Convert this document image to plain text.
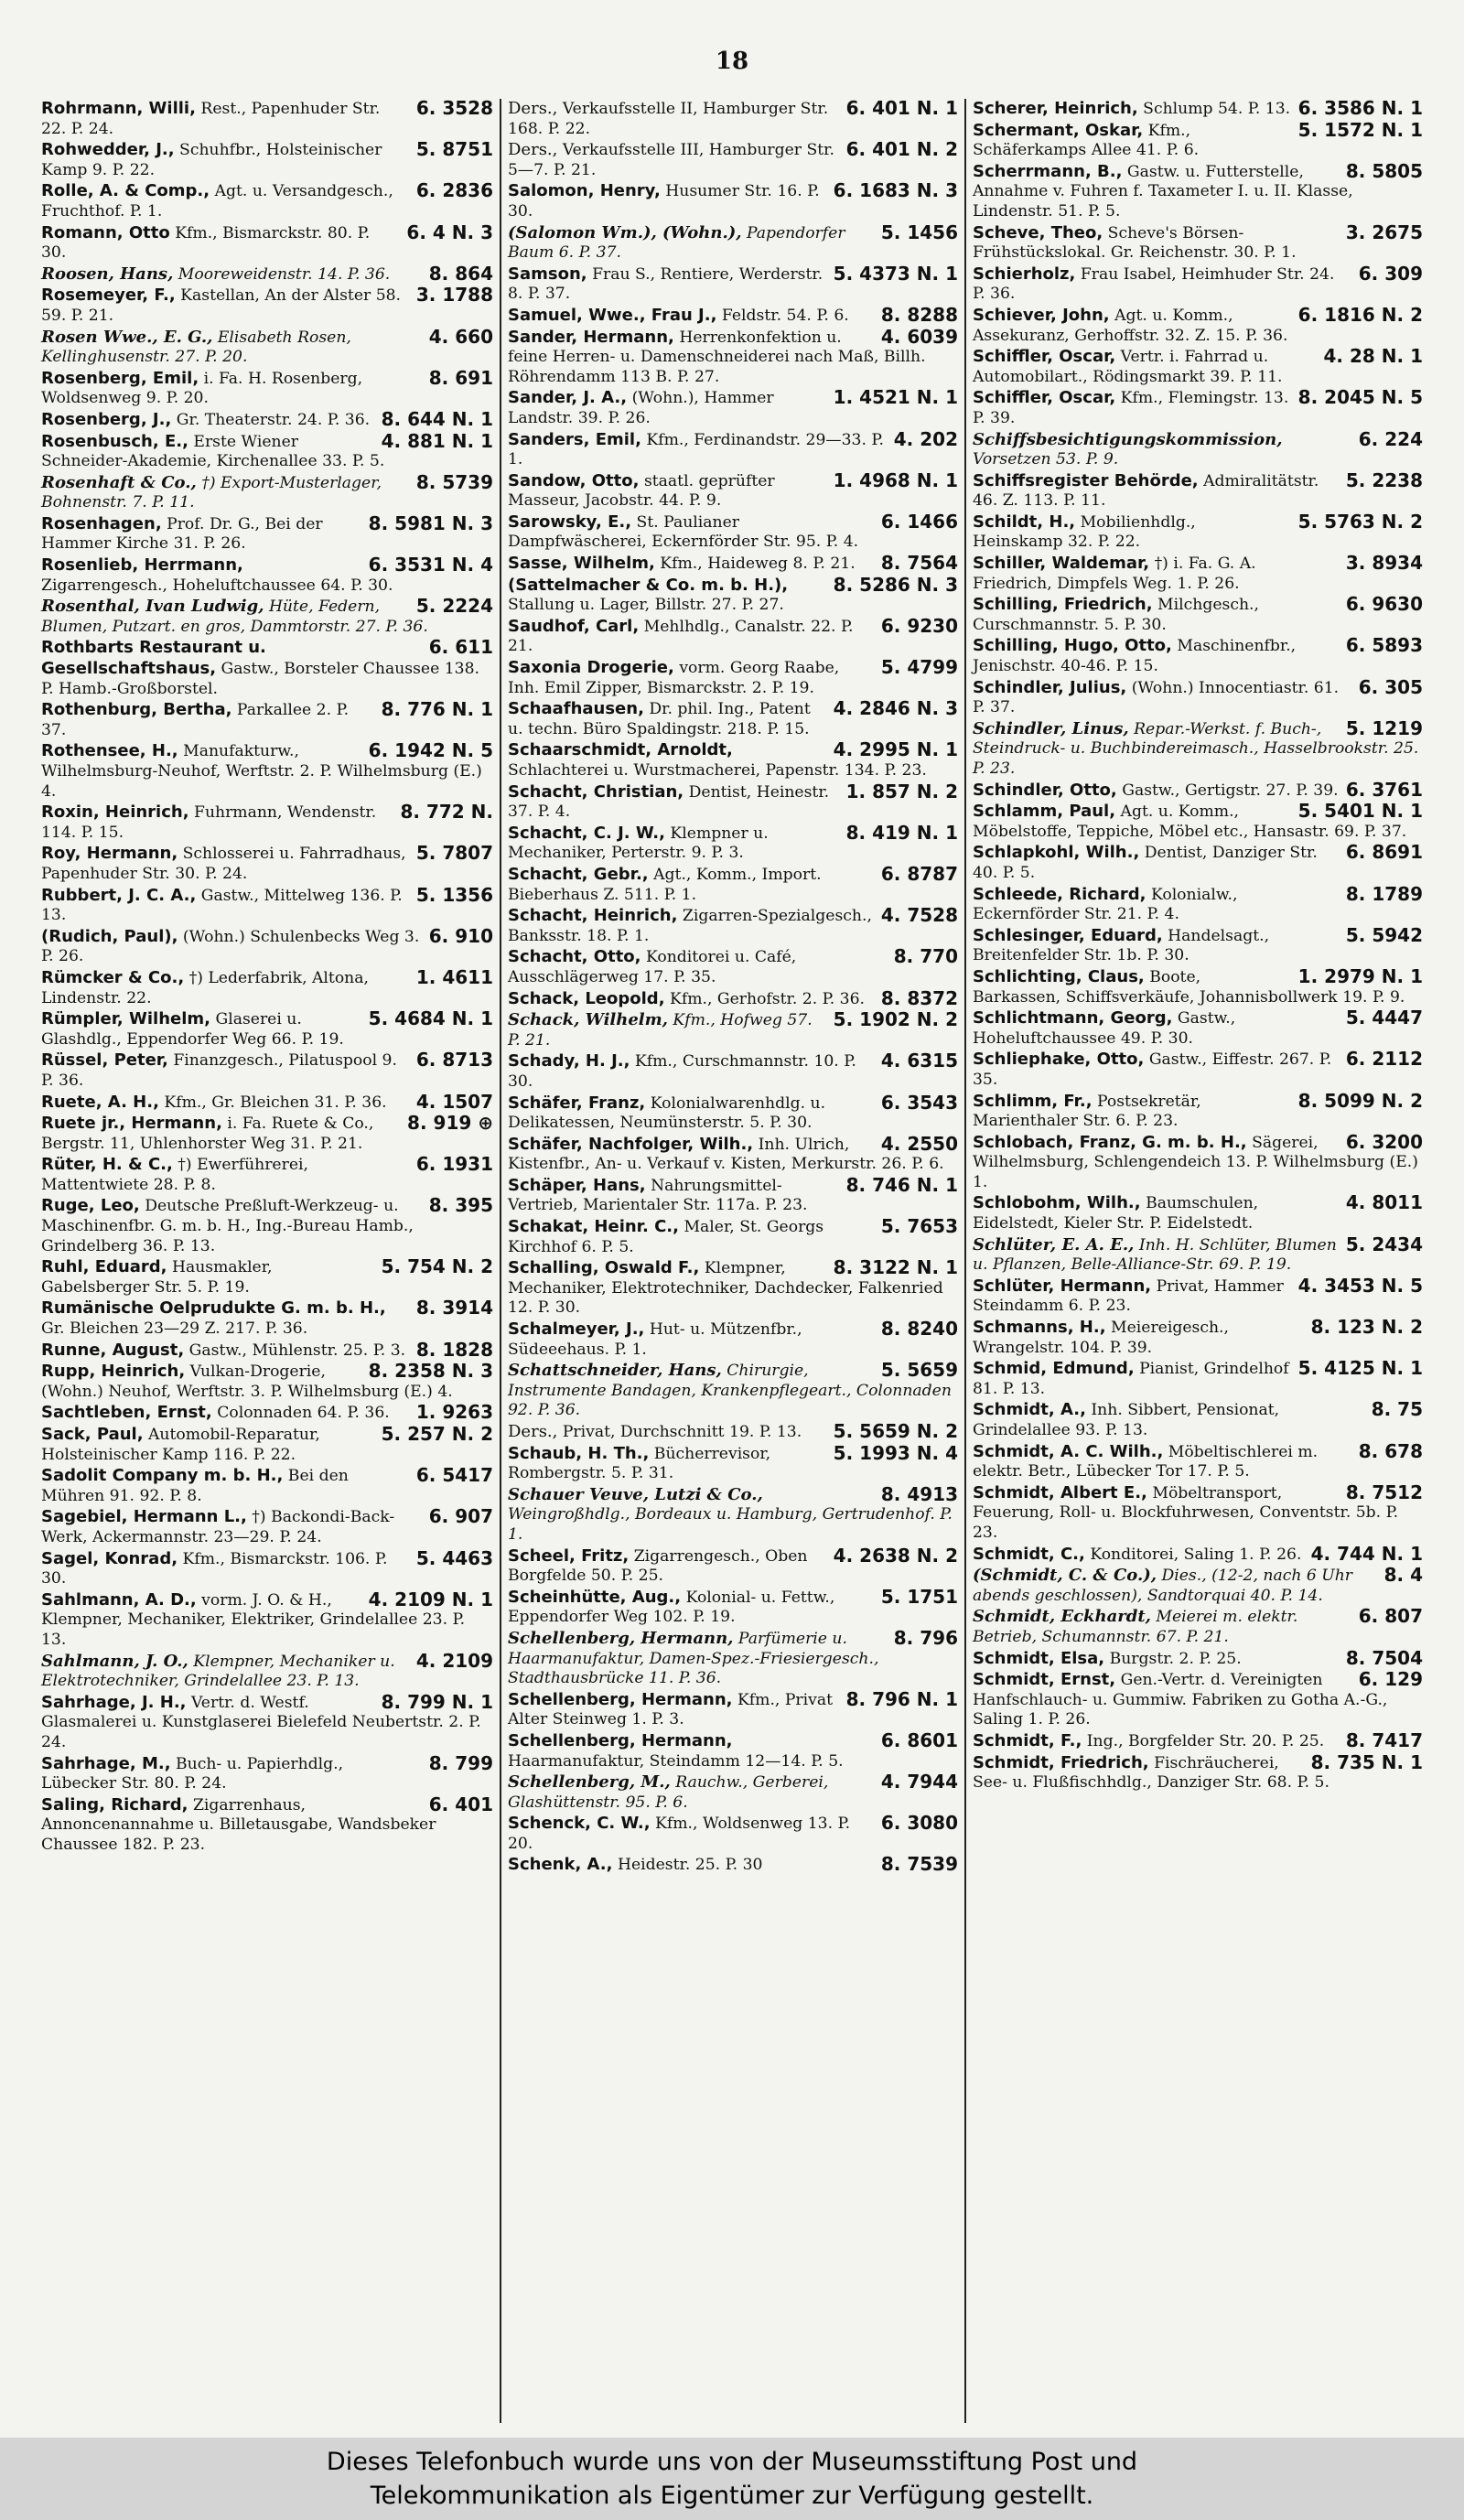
18
6. 3528
Rohrmann, Willi, Rest., Papenhuder Str. 22. P. 24.
5. 8751
Rohwedder, J., Schuhfbr., Holsteinischer Kamp 9. P. 22.
6. 2836
Rolle, A. & Comp., Agt. u. Versandgesch., Fruchthof. P. 1.
6. 4 N. 3
Romann, Otto Kfm., Bismarckstr. 80. P. 30.
8. 864
Roosen, Hans, Mooreweidenstr. 14. P. 36.
3. 1788
Rosemeyer, F., Kastellan, An der Alster 58. 59. P. 21.
4. 660
Rosen Wwe., E. G., Elisabeth Rosen, Kellinghusenstr. 27. P. 20.
8. 691
Rosenberg, Emil, i. Fa. H. Rosenberg, Woldsenweg 9. P. 20.
8. 644 N. 1
Rosenberg, J., Gr. Theaterstr. 24. P. 36.
4. 881 N. 1
Rosenbusch, E., Erste Wiener Schneider-Akademie, Kirchenallee 33. P. 5.
8. 5739
Rosenhaft & Co., †) Export-Musterlager, Bohnenstr. 7. P. 11.
8. 5981 N. 3
Rosenhagen, Prof. Dr. G., Bei der Hammer Kirche 31. P. 26.
6. 3531 N. 4
Rosenlieb, Herrmann, Zigarrengesch., Hoheluftchaussee 64. P. 30.
5. 2224
Rosenthal, Ivan Ludwig, Hüte, Federn, Blumen, Putzart. en gros, Dammtorstr. 27. P. 36.
6. 611
Rothbarts Restaurant u. Gesellschaftshaus, Gastw., Borsteler Chaussee 138. P. Hamb.-Großborstel.
8. 776 N. 1
Rothenburg, Bertha, Parkallee 2. P. 37.
6. 1942 N. 5
Rothensee, H., Manufakturw., Wilhelmsburg-Neuhof, Werftstr. 2. P. Wilhelmsburg (E.) 4.
8. 772 N.
Roxin, Heinrich, Fuhrmann, Wendenstr. 114. P. 15.
5. 7807
Roy, Hermann, Schlosserei u. Fahrradhaus, Papenhuder Str. 30. P. 24.
5. 1356
Rubbert, J. C. A., Gastw., Mittelweg 136. P. 13.
6. 910
(Rudich, Paul), (Wohn.) Schulenbecks Weg 3. P. 26.
1. 4611
Rümcker & Co., †) Lederfabrik, Altona, Lindenstr. 22.
5. 4684 N. 1
Rümpler, Wilhelm, Glaserei u. Glashdlg., Eppendorfer Weg 66. P. 19.
6. 8713
Rüssel, Peter, Finanzgesch., Pilatuspool 9. P. 36.
4. 1507
Ruete, A. H., Kfm., Gr. Bleichen 31. P. 36.
8. 919 ⊕
Ruete jr., Hermann, i. Fa. Ruete & Co., Bergstr. 11, Uhlenhorster Weg 31. P. 21.
6. 1931
Rüter, H. & C., †) Ewerführerei, Mattentwiete 28. P. 8.
8. 395
Ruge, Leo, Deutsche Preßluft-Werkzeug- u. Maschinenfbr. G. m. b. H., Ing.-Bureau Hamb., Grindelberg 36. P. 13.
5. 754 N. 2
Ruhl, Eduard, Hausmakler, Gabelsberger Str. 5. P. 19.
8. 3914
Rumänische Oelprudukte G. m. b. H., Gr. Bleichen 23—29 Z. 217. P. 36.
8. 1828
Runne, August, Gastw., Mühlenstr. 25. P. 3.
8. 2358 N. 3
Rupp, Heinrich, Vulkan-Drogerie, (Wohn.) Neuhof, Werftstr. 3. P. Wilhelmsburg (E.) 4.
1. 9263
Sachtleben, Ernst, Colonnaden 64. P. 36.
5. 257 N. 2
Sack, Paul, Automobil-Reparatur, Holsteinischer Kamp 116. P. 22.
6. 5417
Sadolit Company m. b. H., Bei den Mühren 91. 92. P. 8.
6. 907
Sagebiel, Hermann L., †) Backondi-Back-Werk, Ackermannstr. 23—29. P. 24.
5. 4463
Sagel, Konrad, Kfm., Bismarckstr. 106. P. 30.
4. 2109 N. 1
Sahlmann, A. D., vorm. J. O. & H., Klempner, Mechaniker, Elektriker, Grindelallee 23. P. 13.
4. 2109
Sahlmann, J. O., Klempner, Mechaniker u. Elektrotechniker, Grindelallee 23. P. 13.
8. 799 N. 1
Sahrhage, J. H., Vertr. d. Westf. Glasmalerei u. Kunstglaserei Bielefeld Neubertstr. 2. P. 24.
8. 799
Sahrhage, M., Buch- u. Papierhdlg., Lübecker Str. 80. P. 24.
6. 401
Saling, Richard, Zigarrenhaus, Annoncenannahme u. Billetausgabe, Wandsbeker Chaussee 182. P. 23.
6. 401 N. 1
Ders., Verkaufsstelle II, Hamburger Str. 168. P. 22.
6. 401 N. 2
Ders., Verkaufsstelle III, Hamburger Str. 5—7. P. 21.
6. 1683 N. 3
Salomon, Henry, Husumer Str. 16. P. 30.
5. 1456
(Salomon Wm.), (Wohn.), Papendorfer Baum 6. P. 37.
5. 4373 N. 1
Samson, Frau S., Rentiere, Werderstr. 8. P. 37.
8. 8288
Samuel, Wwe., Frau J., Feldstr. 54. P. 6.
4. 6039
Sander, Hermann, Herrenkonfektion u. feine Herren- u. Damenschneiderei nach Maß, Billh. Röhrendamm 113 B. P. 27.
1. 4521 N. 1
Sander, J. A., (Wohn.), Hammer Landstr. 39. P. 26.
4. 202
Sanders, Emil, Kfm., Ferdinandstr. 29—33. P. 1.
1. 4968 N. 1
Sandow, Otto, staatl. geprüfter Masseur, Jacobstr. 44. P. 9.
6. 1466
Sarowsky, E., St. Paulianer Dampfwäscherei, Eckernförder Str. 95. P. 4.
8. 7564
Sasse, Wilhelm, Kfm., Haideweg 8. P. 21.
8. 5286 N. 3
(Sattelmacher & Co. m. b. H.), Stallung u. Lager, Billstr. 27. P. 27.
6. 9230
Saudhof, Carl, Mehlhdlg., Canalstr. 22. P. 21.
5. 4799
Saxonia Drogerie, vorm. Georg Raabe, Inh. Emil Zipper, Bismarckstr. 2. P. 19.
4. 2846 N. 3
Schaafhausen, Dr. phil. Ing., Patent u. techn. Büro Spaldingstr. 218. P. 15.
4. 2995 N. 1
Schaarschmidt, Arnoldt, Schlachterei u. Wurstmacherei, Papenstr. 134. P. 23.
1. 857 N. 2
Schacht, Christian, Dentist, Heinestr. 37. P. 4.
8. 419 N. 1
Schacht, C. J. W., Klempner u. Mechaniker, Perterstr. 9. P. 3.
6. 8787
Schacht, Gebr., Agt., Komm., Import. Bieberhaus Z. 511. P. 1.
4. 7528
Schacht, Heinrich, Zigarren-Spezialgesch., Banksstr. 18. P. 1.
8. 770
Schacht, Otto, Konditorei u. Café, Ausschlägerweg 17. P. 35.
8. 8372
Schack, Leopold, Kfm., Gerhofstr. 2. P. 36.
5. 1902 N. 2
Schack, Wilhelm, Kfm., Hofweg 57. P. 21.
4. 6315
Schady, H. J., Kfm., Curschmannstr. 10. P. 30.
6. 3543
Schäfer, Franz, Kolonialwarenhdlg. u. Delikatessen, Neumünsterstr. 5. P. 30.
4. 2550
Schäfer, Nachfolger, Wilh., Inh. Ulrich, Kistenfbr., An- u. Verkauf v. Kisten, Merkurstr. 26. P. 6.
8. 746 N. 1
Schäper, Hans, Nahrungsmittel-Vertrieb, Marientaler Str. 117a. P. 23.
5. 7653
Schakat, Heinr. C., Maler, St. Georgs Kirchhof 6. P. 5.
8. 3122 N. 1
Schalling, Oswald F., Klempner, Mechaniker, Elektrotechniker, Dachdecker, Falkenried 12. P. 30.
8. 8240
Schalmeyer, J., Hut- u. Mützenfbr., Südeeehaus. P. 1.
5. 5659
Schattschneider, Hans, Chirurgie, Instrumente Bandagen, Krankenpflegeart., Colonnaden 92. P. 36.
5. 5659 N. 2
Ders., Privat, Durchschnitt 19. P. 13.
5. 1993 N. 4
Schaub, H. Th., Bücherrevisor, Rombergstr. 5. P. 31.
8. 4913
Schauer Veuve, Lutzi & Co., Weingroßhdlg., Bordeaux u. Hamburg, Gertrudenhof. P. 1.
4. 2638 N. 2
Scheel, Fritz, Zigarrengesch., Oben Borgfelde 50. P. 25.
5. 1751
Scheinhütte, Aug., Kolonial- u. Fettw., Eppendorfer Weg 102. P. 19.
8. 796
Schellenberg, Hermann, Parfümerie u. Haarmanufaktur, Damen-Spez.-Friesiergesch., Stadthausbrücke 11. P. 36.
8. 796 N. 1
Schellenberg, Hermann, Kfm., Privat Alter Steinweg 1. P. 3.
6. 8601
Schellenberg, Hermann, Haarmanufaktur, Steindamm 12—14. P. 5.
4. 7944
Schellenberg, M., Rauchw., Gerberei, Glashüttenstr. 95. P. 6.
6. 3080
Schenck, C. W., Kfm., Woldsenweg 13. P. 20.
8. 7539
Schenk, A., Heidestr. 25. P. 30
6. 3586 N. 1
Scherer, Heinrich, Schlump 54. P. 13.
5. 1572 N. 1
Schermant, Oskar, Kfm., Schäferkamps Allee 41. P. 6.
8. 5805
Scherrmann, B., Gastw. u. Futterstelle, Annahme v. Fuhren f. Taxameter I. u. II. Klasse, Lindenstr. 51. P. 5.
3. 2675
Scheve, Theo, Scheve's Börsen-Frühstückslokal. Gr. Reichenstr. 30. P. 1.
6. 309
Schierholz, Frau Isabel, Heimhuder Str. 24. P. 36.
6. 1816 N. 2
Schiever, John, Agt. u. Komm., Assekuranz, Gerhoffstr. 32. Z. 15. P. 36.
4. 28 N. 1
Schiffler, Oscar, Vertr. i. Fahrrad u. Automobilart., Rödingsmarkt 39. P. 11.
8. 2045 N. 5
Schiffler, Oscar, Kfm., Flemingstr. 13. P. 39.
6. 224
Schiffsbesichtigungskommission, Vorsetzen 53. P. 9.
5. 2238
Schiffsregister Behörde, Admiralitätstr. 46. Z. 113. P. 11.
5. 5763 N. 2
Schildt, H., Mobilienhdlg., Heinskamp 32. P. 22.
3. 8934
Schiller, Waldemar, †) i. Fa. G. A. Friedrich, Dimpfels Weg. 1. P. 26.
6. 9630
Schilling, Friedrich, Milchgesch., Curschmannstr. 5. P. 30.
6. 5893
Schilling, Hugo, Otto, Maschinenfbr., Jenischstr. 40-46. P. 15.
6. 305
Schindler, Julius, (Wohn.) Innocentiastr. 61. P. 37.
5. 1219
Schindler, Linus, Repar.-Werkst. f. Buch-, Steindruck- u. Buchbindereimasch., Hasselbrookstr. 25. P. 23.
6. 3761
Schindler, Otto, Gastw., Gertigstr. 27. P. 39.
5. 5401 N. 1
Schlamm, Paul, Agt. u. Komm., Möbelstoffe, Teppiche, Möbel etc., Hansastr. 69. P. 37.
6. 8691
Schlapkohl, Wilh., Dentist, Danziger Str. 40. P. 5.
8. 1789
Schleede, Richard, Kolonialw., Eckernförder Str. 21. P. 4.
5. 5942
Schlesinger, Eduard, Handelsagt., Breitenfelder Str. 1b. P. 30.
1. 2979 N. 1
Schlichting, Claus, Boote, Barkassen, Schiffsverkäufe, Johannisbollwerk 19. P. 9.
5. 4447
Schlichtmann, Georg, Gastw., Hoheluftchaussee 49. P. 30.
6. 2112
Schliephake, Otto, Gastw., Eiffestr. 267. P. 35.
8. 5099 N. 2
Schlimm, Fr., Postsekretär, Marienthaler Str. 6. P. 23.
6. 3200
Schlobach, Franz, G. m. b. H., Sägerei, Wilhelmsburg, Schlengendeich 13. P. Wilhelmsburg (E.) 1.
4. 8011
Schlobohm, Wilh., Baumschulen, Eidelstedt, Kieler Str. P. Eidelstedt.
5. 2434
Schlüter, E. A. E., Inh. H. Schlüter, Blumen u. Pflanzen, Belle-Alliance-Str. 69. P. 19.
4. 3453 N. 5
Schlüter, Hermann, Privat, Hammer Steindamm 6. P. 23.
8. 123 N. 2
Schmanns, H., Meiereigesch., Wrangelstr. 104. P. 39.
5. 4125 N. 1
Schmid, Edmund, Pianist, Grindelhof 81. P. 13.
8. 75
Schmidt, A., Inh. Sibbert, Pensionat, Grindelallee 93. P. 13.
8. 678
Schmidt, A. C. Wilh., Möbeltischlerei m. elektr. Betr., Lübecker Tor 17. P. 5.
8. 7512
Schmidt, Albert E., Möbeltransport, Feuerung, Roll- u. Blockfuhrwesen, Conventstr. 5b. P. 23.
4. 744 N. 1
Schmidt, C., Konditorei, Saling 1. P. 26.
8. 4
(Schmidt, C. & Co.), Dies., (12-2, nach 6 Uhr abends geschlossen), Sandtorquai 40. P. 14.
6. 807
Schmidt, Eckhardt, Meierei m. elektr. Betrieb, Schumannstr. 67. P. 21.
8. 7504
Schmidt, Elsa, Burgstr. 2. P. 25.
6. 129
Schmidt, Ernst, Gen.-Vertr. d. Vereinigten Hanfschlauch- u. Gummiw. Fabriken zu Gotha A.-G., Saling 1. P. 26.
8. 7417
Schmidt, F., Ing., Borgfelder Str. 20. P. 25.
8. 735 N. 1
Schmidt, Friedrich, Fischräucherei, See- u. Flußfischhdlg., Danziger Str. 68. P. 5.
Dieses Telefonbuch wurde uns von der Museumsstiftung Post und
Telekommunikation als Eigentümer zur Verfügung gestellt.
